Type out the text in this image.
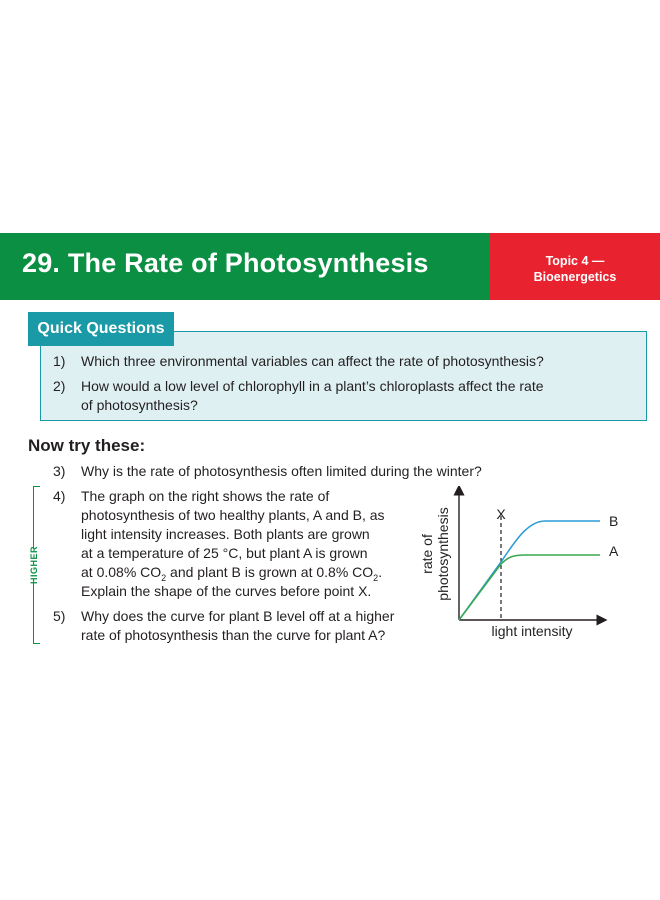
29. The Rate of Photosynthesis	Topic 4 —
Bioenergetics
Quick Questions
1) Which three environmental variables can affect the rate of photosynthesis?
2) How would a low level of chlorophyll in a plant’s chloroplasts affect the rate
of photosynthesis?
Now try these:
3) Why is the rate of photosynthesis often limited during the winter?
HIGHER
4) The graph on the right shows the rate of
photosynthesis of two healthy plants, A and B, as
light intensity increases. Both plants are grown
at a temperature of 25 °C, but plant A is grown
at 0.08% $CO_2$ and plant B is grown at 0.8% $CO_2$.
Explain the shape of the curves before point X.
5) Why does the curve for plant B level off at a higher
rate of photosynthesis than the curve for plant A?
X	B
A
light intensity
rate of photosynthesis
